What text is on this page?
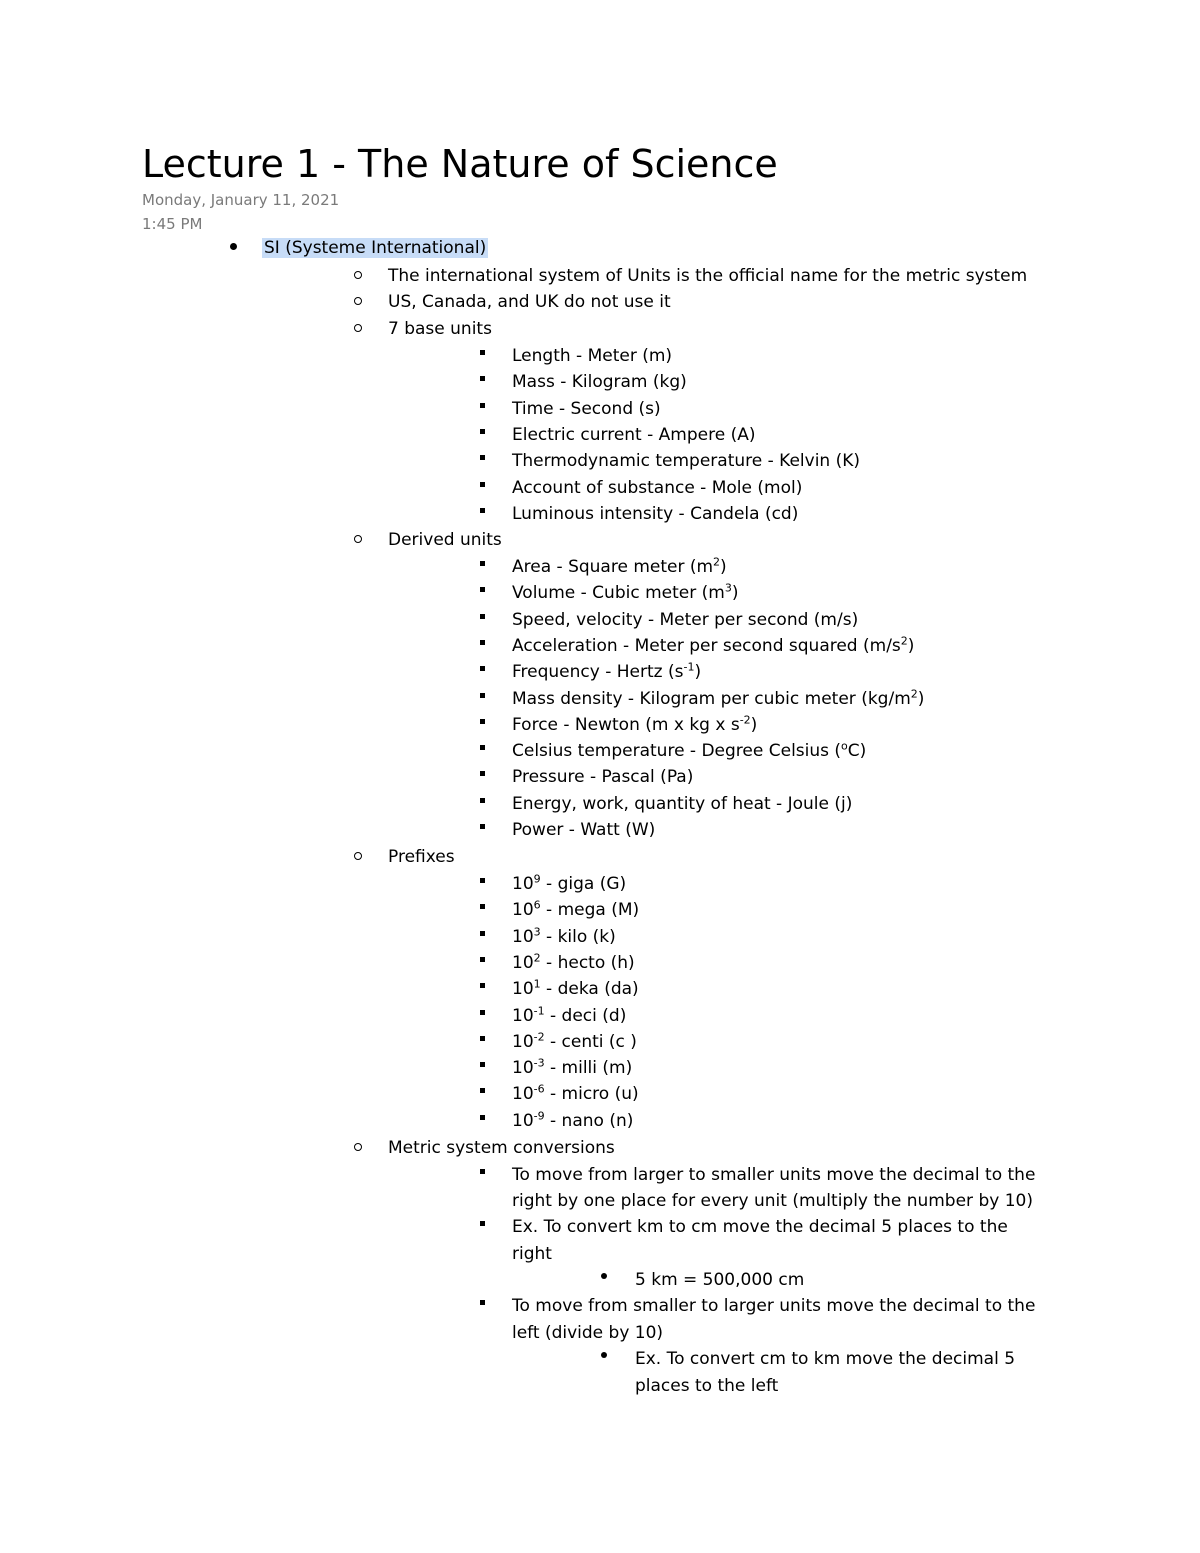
Lecture 1 - The Nature of Science
Monday, January 11, 2021
1:45 PM
SI (Systeme International)
The international system of Units is the official name for the metric system
US, Canada, and UK do not use it
7 base units
Length - Meter (m)
Mass - Kilogram (kg)
Time - Second (s)
Electric current - Ampere (A)
Thermodynamic temperature - Kelvin (K)
Account of substance - Mole (mol)
Luminous intensity - Candela (cd)
Derived units
Area - Square meter $(m^2)$
Volume - Cubic meter $(m^3)$
Speed, velocity - Meter per second (m/s)
Acceleration - Meter per second squared $(m/s^2)$
Frequency - Hertz $(s^{-1})$
Mass density - Kilogram per cubic meter $(kg/m^2)$
Force - Newton (m x kg x $s^{-2}$)
Celsius temperature - Degree Celsius ($^o$C)
Pressure - Pascal (Pa)
Energy, work, quantity of heat - Joule (j)
Power - Watt (W)
Prefixes
$10^9$ - giga (G)
$10^6$ - mega (M)
$10^3$ - kilo (k)
$10^2$ - hecto (h)
$10^1$ - deka (da)
$10^{-1}$ - deci (d)
$10^{-2}$ - centi (c )
$10^{-3}$ - milli (m)
$10^{-6}$ - micro (u)
$10^{-9}$ - nano (n)
Metric system conversions
To move from larger to smaller units move the decimal to the
right by one place for every unit (multiply the number by 10)
Ex. To convert km to cm move the decimal 5 places to the
right
5 km = 500,000 cm
To move from smaller to larger units move the decimal to the
left (divide by 10)
Ex. To convert cm to km move the decimal 5
places to the left
